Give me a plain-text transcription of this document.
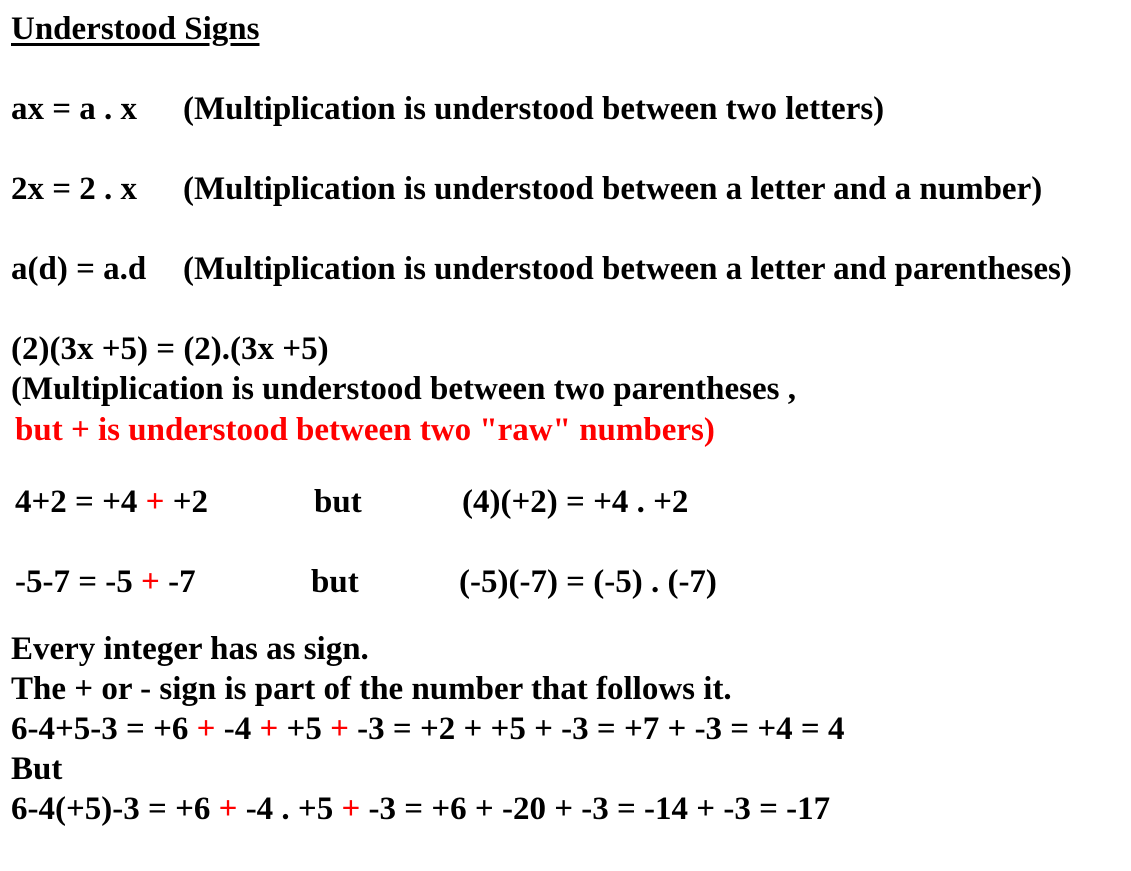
Understood Signs
ax = a . x (Multiplication is understood between two letters)
2x = 2 . x (Multiplication is understood between a letter and a number)
a(d) = a.d (Multiplication is understood between a letter and parentheses)
(2)(3x +5) = (2).(3x +5)
(Multiplication is understood between two parentheses ,
but + is understood between two "raw" numbers)
4+2 = +4 + +2	but	(4)(+2) = +4 . +2
-5-7 = -5 + -7	but	(-5)(-7) = (-5) . (-7)
Every integer has as sign.
The + or - sign is part of the number that follows it.
6-4+5-3 = +6 + -4 + +5 + -3 = +2 + +5 + -3 = +7 + -3 = +4 = 4
But
6-4(+5)-3 = +6 + -4 . +5 + -3 = +6 + -20 + -3 = -14 + -3 = -17
